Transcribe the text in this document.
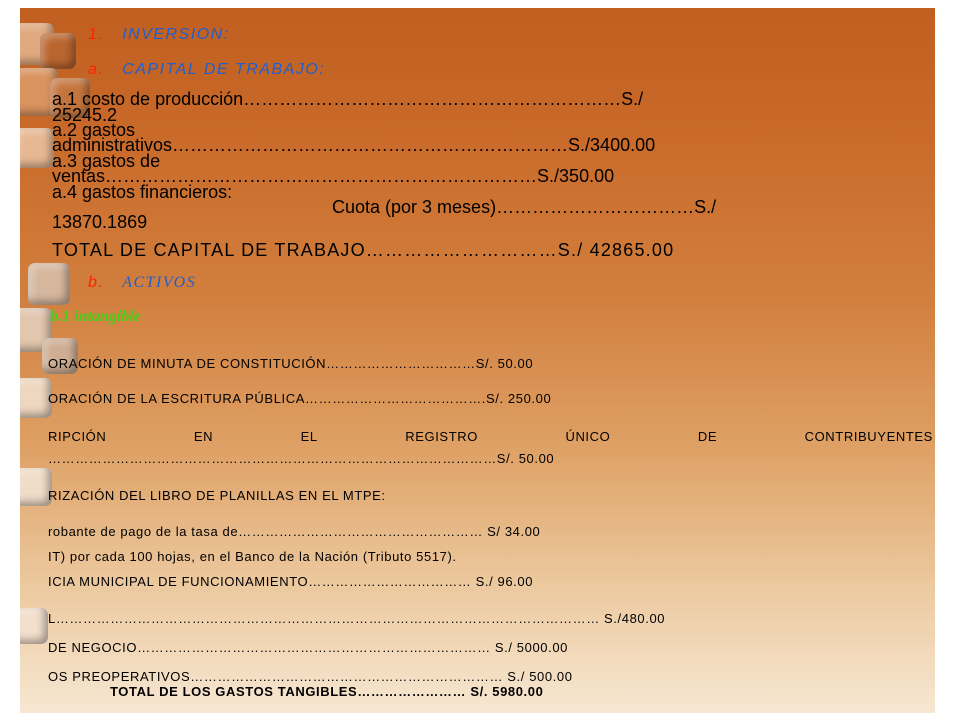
1. INVERSION:
a. CAPITAL DE TRABAJO:
a.1 costo de producción………………………………………………………S./
25245.2
a.2 gastos
administrativos…………………………………………………………S./3400.00
a.3 gastos de
ventas………………………………………………………………S./350.00
a.4 gastos financieros:
Cuota (por 3 meses)……………………………S./
13870.1869
TOTAL DE CAPITAL DE TRABAJO…………………………S./ 42865.00
b. ACTIVOS
b.1 intangible
ORACIÓN DE MINUTA DE CONSTITUCIÓN……………………………S/. 50.00
ORACIÓN DE LA ESCRITURA PÚBLICA………………………………….S/. 250.00
RIPCIÓN	EN	EL	REGISTRO	ÚNICO	DE	CONTRIBUYENTES
………………………………………………………………………………………S/. 50.00
RIZACIÓN DEL LIBRO DE PLANILLAS EN EL MTPE:
robante de pago de la tasa de……………………………………………… S/ 34.00
IT) por cada 100 hojas, en el Banco de la Nación (Tributo 5517).
ICIA MUNICIPAL DE FUNCIONAMIENTO……………………………… S./ 96.00
L………………………………………………………………………………………………………… S./480.00
DE NEGOCIO…………………………………………………………………… S./ 5000.00
OS PREOPERATIVOS…………………………………………………………… S./ 500.00
TOTAL DE LOS GASTOS TANGIBLES…………………… S/. 5980.00
